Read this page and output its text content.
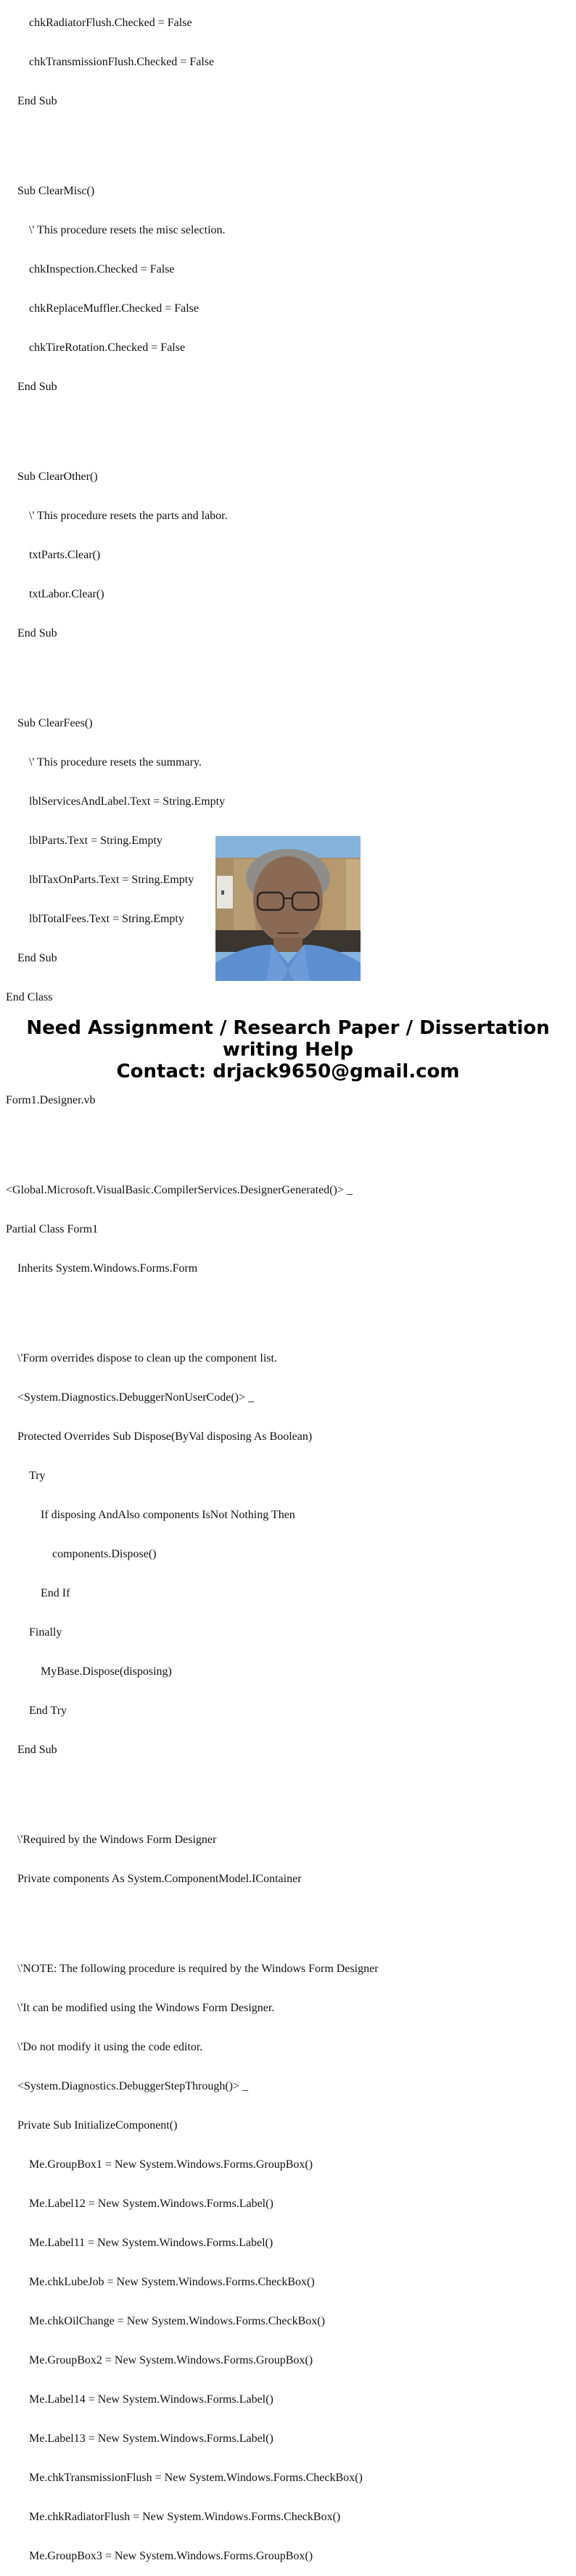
chkRadiatorFlush.Checked = False

chkTransmissionFlush.Checked = False

End Sub

Sub ClearMisc()

\' This procedure resets the misc selection.

chkInspection.Checked = False

chkReplaceMuffler.Checked = False

chkTireRotation.Checked = False

End Sub

Sub ClearOther()

\' This procedure resets the parts and labor.

txtParts.Clear()

txtLabor.Clear()

End Sub

Sub ClearFees()

\' This procedure resets the summary.

lblServicesAndLabel.Text = String.Empty

lblParts.Text = String.Empty

lblTaxOnParts.Text = String.Empty

lblTotalFees.Text = String.Empty

End Sub

End Class

Form1.Designer.vb

<Global.Microsoft.VisualBasic.CompilerServices.DesignerGenerated()> _

Partial Class Form1

Inherits System.Windows.Forms.Form

\'Form overrides dispose to clean up the component list.

<System.Diagnostics.DebuggerNonUserCode()> _

Protected Overrides Sub Dispose(ByVal disposing As Boolean)

Try

If disposing AndAlso components IsNot Nothing Then

components.Dispose()

End If

Finally

MyBase.Dispose(disposing)

End Try

End Sub

\'Required by the Windows Form Designer

Private components As System.ComponentModel.IContainer

\'NOTE: The following procedure is required by the Windows Form Designer

\'It can be modified using the Windows Form Designer.

\'Do not modify it using the code editor.

<System.Diagnostics.DebuggerStepThrough()> _

Private Sub InitializeComponent()

Me.GroupBox1 = New System.Windows.Forms.GroupBox()

Me.Label12 = New System.Windows.Forms.Label()

Me.Label11 = New System.Windows.Forms.Label()

Me.chkLubeJob = New System.Windows.Forms.CheckBox()

Me.chkOilChange = New System.Windows.Forms.CheckBox()

Me.GroupBox2 = New System.Windows.Forms.GroupBox()

Me.Label14 = New System.Windows.Forms.Label()

Me.Label13 = New System.Windows.Forms.Label()

Me.chkTransmissionFlush = New System.Windows.Forms.CheckBox()

Me.chkRadiatorFlush = New System.Windows.Forms.CheckBox()

Me.GroupBox3 = New System.Windows.Forms.GroupBox()

Need Assignment / Research Paper / Dissertation
writing Help
Contact: drjack9650@gmail.com
